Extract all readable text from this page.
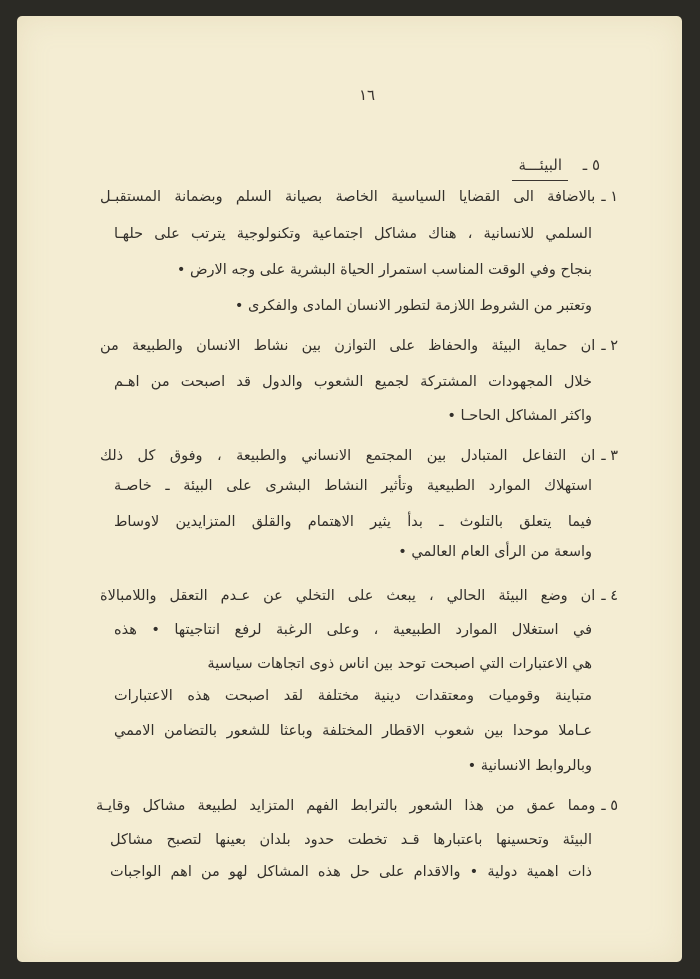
١٦
٥ ـ البيئـــة
١ ـبالاضافة الى القضايا السياسية الخاصة بصيانة السلم وبضمانة المستقبـل
السلمي للانسانية ، هناك مشاكل اجتماعية وتكنولوجية يترتب على حلهـا
بنجاح وفي الوقت المناسب استمرار الحياة البشرية على وجه الارض •
وتعتبر من الشروط اللازمة لتطور الانسان المادى والفكرى •
٢ ـان حماية البيئة والحفاظ على التوازن بين نشاط الانسان والطبيعة من
خلال المجهودات المشتركة لجميع الشعوب والدول قد اصبحت من اهـم
واكثر المشاكل الحاحـا •
٣ ـان التفاعل المتبادل بين المجتمع الانساني والطبيعة ، وفوق كل ذلك
استهلاك الموارد الطبيعية وتأثير النشاط البشرى على البيئة ـ خاصـة
فيما يتعلق بالتلوث ـ بدأ يثير الاهتمام والقلق المتزايدين لاوساط
واسعة من الرأى العام العالمي •
٤ ـان وضع البيئة الحالي ، يبعث على التخلي عن عـدم التعقل واللامبالاة
في استغلال الموارد الطبيعية ، وعلى الرغبة لرفع انتاجيتها • هذه
هي الاعتبارات التي اصبحت توحد بين اناس ذوى اتجاهات سياسية
متباينة وقوميات ومعتقدات دينية مختلفة لقد اصبحت هذه الاعتبارات
عـاملا موحدا بين شعوب الاقطار المختلفة وباعثا للشعور بالتضامن الاممي
وبالروابط الانسانية •
٥ ـومما عمق من هذا الشعور بالترابط الفهم المتزايد لطبيعة مشاكل وقايـة
البيئة وتحسينها باعتبارها قـد تخطت حدود بلدان بعينها لتصبح مشاكل
ذات اهمية دولية • والاقدام على حل هذه المشاكل لهو من اهم الواجبات
